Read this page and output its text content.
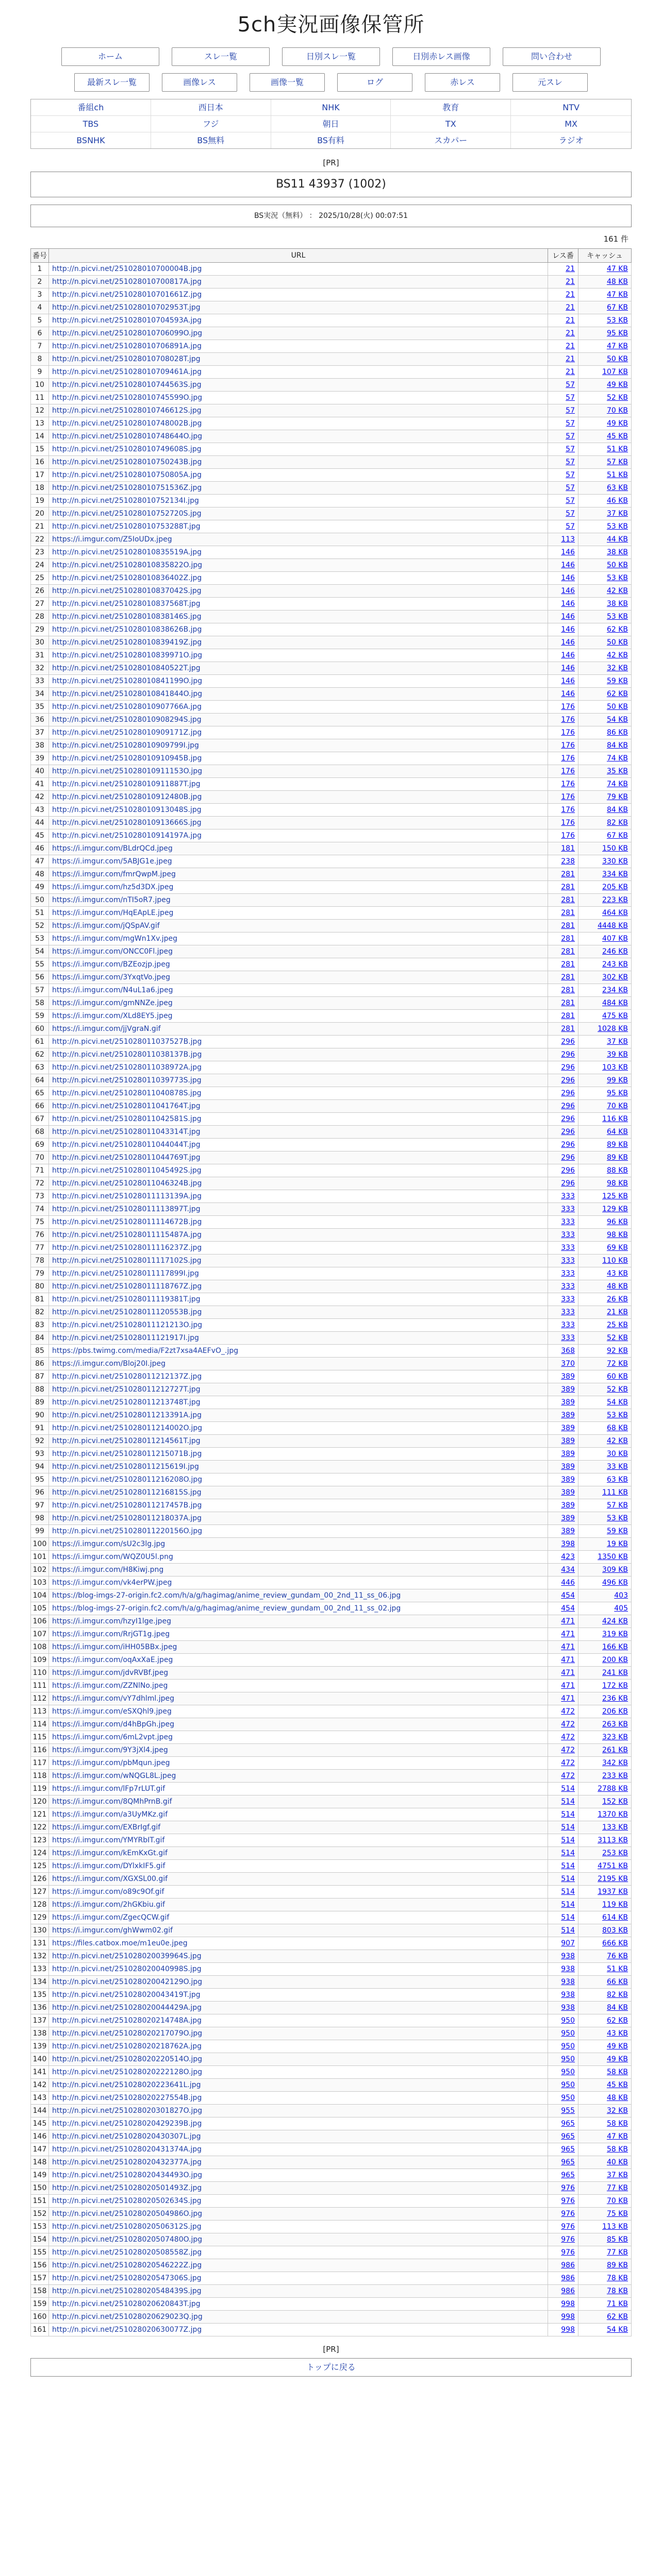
5ch実況画像保管所
ホーム	スレ一覧	日別スレ一覧	日別赤レス画像	問い合わせ
最新スレ一覧	画像レス	画像一覧	ログ	赤レス	元スレ
番組ch	西日本	NHK	教育	NTV
TBS	フジ	朝日	TX	MX
BSNHK	BS無料	BS有料	スカパー	ラジオ
[PR]
BS11 43937 (1002)
BS実況（無料） ： 2025/10/28(火) 00:07:51
161 件
番号	URL	レス番	キャッシュ
1	http://n.picvi.net/251028010700004B.jpg	21	47 KB
2	http://n.picvi.net/251028010700817A.jpg	21	48 KB
3	http://n.picvi.net/251028010701661Z.jpg	21	47 KB
4	http://n.picvi.net/251028010702953T.jpg	21	67 KB
5	http://n.picvi.net/251028010704593A.jpg	21	53 KB
6	http://n.picvi.net/251028010706099O.jpg	21	95 KB
7	http://n.picvi.net/251028010706891A.jpg	21	47 KB
8	http://n.picvi.net/251028010708028T.jpg	21	50 KB
9	http://n.picvi.net/251028010709461A.jpg	21	107 KB
10	http://n.picvi.net/251028010744563S.jpg	57	49 KB
11	http://n.picvi.net/251028010745599O.jpg	57	52 KB
12	http://n.picvi.net/251028010746612S.jpg	57	70 KB
13	http://n.picvi.net/251028010748002B.jpg	57	49 KB
14	http://n.picvi.net/251028010748644O.jpg	57	45 KB
15	http://n.picvi.net/251028010749608S.jpg	57	51 KB
16	http://n.picvi.net/251028010750243B.jpg	57	57 KB
17	http://n.picvi.net/251028010750805A.jpg	57	51 KB
18	http://n.picvi.net/251028010751536Z.jpg	57	63 KB
19	http://n.picvi.net/251028010752134I.jpg	57	46 KB
20	http://n.picvi.net/251028010752720S.jpg	57	37 KB
21	http://n.picvi.net/251028010753288T.jpg	57	53 KB
22	https://i.imgur.com/Z5IoUDx.jpeg	113	44 KB
23	http://n.picvi.net/251028010835519A.jpg	146	38 KB
24	http://n.picvi.net/251028010835822O.jpg	146	50 KB
25	http://n.picvi.net/251028010836402Z.jpg	146	53 KB
26	http://n.picvi.net/251028010837042S.jpg	146	42 KB
27	http://n.picvi.net/251028010837568T.jpg	146	38 KB
28	http://n.picvi.net/251028010838146S.jpg	146	53 KB
29	http://n.picvi.net/251028010838626B.jpg	146	62 KB
30	http://n.picvi.net/251028010839419Z.jpg	146	50 KB
31	http://n.picvi.net/251028010839971O.jpg	146	42 KB
32	http://n.picvi.net/251028010840522T.jpg	146	32 KB
33	http://n.picvi.net/251028010841199O.jpg	146	59 KB
34	http://n.picvi.net/251028010841844O.jpg	146	62 KB
35	http://n.picvi.net/251028010907766A.jpg	176	50 KB
36	http://n.picvi.net/251028010908294S.jpg	176	54 KB
37	http://n.picvi.net/251028010909171Z.jpg	176	86 KB
38	http://n.picvi.net/251028010909799I.jpg	176	84 KB
39	http://n.picvi.net/251028010910945B.jpg	176	74 KB
40	http://n.picvi.net/251028010911153O.jpg	176	35 KB
41	http://n.picvi.net/251028010911887T.jpg	176	74 KB
42	http://n.picvi.net/251028010912480B.jpg	176	79 KB
43	http://n.picvi.net/251028010913048S.jpg	176	84 KB
44	http://n.picvi.net/251028010913666S.jpg	176	82 KB
45	http://n.picvi.net/251028010914197A.jpg	176	67 KB
46	https://i.imgur.com/BLdrQCd.jpeg	181	150 KB
47	https://i.imgur.com/5ABJG1e.jpeg	238	330 KB
48	https://i.imgur.com/fmrQwpM.jpeg	281	334 KB
49	https://i.imgur.com/hz5d3DX.jpeg	281	205 KB
50	https://i.imgur.com/nTI5oR7.jpeg	281	223 KB
51	https://i.imgur.com/HqEApLE.jpeg	281	464 KB
52	https://i.imgur.com/jQSpAV.gif	281	4448 KB
53	https://i.imgur.com/mgWn1Xv.jpeg	281	407 KB
54	https://i.imgur.com/ONCC0Fl.jpeg	281	246 KB
55	https://i.imgur.com/BZEozjp.jpeg	281	243 KB
56	https://i.imgur.com/3YxqtVo.jpeg	281	302 KB
57	https://i.imgur.com/N4uL1a6.jpeg	281	234 KB
58	https://i.imgur.com/gmNNZe.jpeg	281	484 KB
59	https://i.imgur.com/XLd8EY5.jpeg	281	475 KB
60	https://i.imgur.com/jjVgraN.gif	281	1028 KB
61	http://n.picvi.net/251028011037527B.jpg	296	37 KB
62	http://n.picvi.net/251028011038137B.jpg	296	39 KB
63	http://n.picvi.net/251028011038972A.jpg	296	103 KB
64	http://n.picvi.net/251028011039773S.jpg	296	99 KB
65	http://n.picvi.net/251028011040878S.jpg	296	95 KB
66	http://n.picvi.net/251028011041764T.jpg	296	70 KB
67	http://n.picvi.net/251028011042581S.jpg	296	116 KB
68	http://n.picvi.net/251028011043314T.jpg	296	64 KB
69	http://n.picvi.net/251028011044044T.jpg	296	89 KB
70	http://n.picvi.net/251028011044769T.jpg	296	89 KB
71	http://n.picvi.net/251028011045492S.jpg	296	88 KB
72	http://n.picvi.net/251028011046324B.jpg	296	98 KB
73	http://n.picvi.net/251028011113139A.jpg	333	125 KB
74	http://n.picvi.net/251028011113897T.jpg	333	129 KB
75	http://n.picvi.net/251028011114672B.jpg	333	96 KB
76	http://n.picvi.net/251028011115487A.jpg	333	98 KB
77	http://n.picvi.net/251028011116237Z.jpg	333	69 KB
78	http://n.picvi.net/251028011117102S.jpg	333	110 KB
79	http://n.picvi.net/251028011117899I.jpg	333	43 KB
80	http://n.picvi.net/251028011118767Z.jpg	333	48 KB
81	http://n.picvi.net/251028011119381T.jpg	333	26 KB
82	http://n.picvi.net/251028011120553B.jpg	333	21 KB
83	http://n.picvi.net/251028011121213O.jpg	333	25 KB
84	http://n.picvi.net/251028011121917I.jpg	333	52 KB
85	https://pbs.twimg.com/media/F2zt7xsa4AEFvO_.jpg	368	92 KB
86	https://i.imgur.com/Bloj20I.jpeg	370	72 KB
87	http://n.picvi.net/251028011212137Z.jpg	389	60 KB
88	http://n.picvi.net/251028011212727T.jpg	389	52 KB
89	http://n.picvi.net/251028011213748T.jpg	389	54 KB
90	http://n.picvi.net/251028011213391A.jpg	389	53 KB
91	http://n.picvi.net/251028011214002O.jpg	389	68 KB
92	http://n.picvi.net/251028011214561T.jpg	389	42 KB
93	http://n.picvi.net/251028011215071B.jpg	389	30 KB
94	http://n.picvi.net/251028011215619I.jpg	389	33 KB
95	http://n.picvi.net/251028011216208O.jpg	389	63 KB
96	http://n.picvi.net/251028011216815S.jpg	389	111 KB
97	http://n.picvi.net/251028011217457B.jpg	389	57 KB
98	http://n.picvi.net/251028011218037A.jpg	389	53 KB
99	http://n.picvi.net/251028011220156O.jpg	389	59 KB
100	https://i.imgur.com/sU2c3lg.jpg	398	19 KB
101	https://i.imgur.com/WQZ0U5l.png	423	1350 KB
102	https://i.imgur.com/H8Kiwj.png	434	309 KB
103	https://i.imgur.com/vk4erPW.jpeg	446	496 KB
104	https://blog-imgs-27-origin.fc2.com/h/a/g/hagimag/anime_review_gundam_00_2nd_11_ss_06.jpg	454	403
105	https://blog-imgs-27-origin.fc2.com/h/a/g/hagimag/anime_review_gundam_00_2nd_11_ss_02.jpg	454	405
106	https://i.imgur.com/hzyI1lge.jpeg	471	424 KB
107	https://i.imgur.com/RrjGT1g.jpeg	471	319 KB
108	https://i.imgur.com/iHH05BBx.jpeg	471	166 KB
109	https://i.imgur.com/oqAxXaE.jpeg	471	200 KB
110	https://i.imgur.com/jdvRVBf.jpeg	471	241 KB
111	https://i.imgur.com/ZZNlNo.jpeg	471	172 KB
112	https://i.imgur.com/vY7dhlml.jpeg	471	236 KB
113	https://i.imgur.com/eSXQhl9.jpeg	472	206 KB
114	https://i.imgur.com/d4hBpGh.jpeg	472	263 KB
115	https://i.imgur.com/6mL2vpt.jpeg	472	323 KB
116	https://i.imgur.com/9Y3jXl4.jpeg	472	261 KB
117	https://i.imgur.com/pbMqun.jpeg	472	342 KB
118	https://i.imgur.com/wNQGL8L.jpeg	472	233 KB
119	https://i.imgur.com/lFp7rLUT.gif	514	2788 KB
120	https://i.imgur.com/8QMhPrnB.gif	514	152 KB
121	https://i.imgur.com/a3UyMKz.gif	514	1370 KB
122	https://i.imgur.com/EXBrIgf.gif	514	133 KB
123	https://i.imgur.com/YMYRbIT.gif	514	3113 KB
124	https://i.imgur.com/kEmKxGt.gif	514	253 KB
125	https://i.imgur.com/DYlxkIF5.gif	514	4751 KB
126	https://i.imgur.com/XGXSL00.gif	514	2195 KB
127	https://i.imgur.com/o89c9Of.gif	514	1937 KB
128	https://i.imgur.com/2hGKbiu.gif	514	119 KB
129	https://i.imgur.com/ZgecQCW.gif	514	614 KB
130	https://i.imgur.com/ghWwm02.gif	514	803 KB
131	https://files.catbox.moe/m1eu0e.jpeg	907	666 KB
132	http://n.picvi.net/251028020039964S.jpg	938	76 KB
133	http://n.picvi.net/251028020040998S.jpg	938	51 KB
134	http://n.picvi.net/251028020042129O.jpg	938	66 KB
135	http://n.picvi.net/251028020043419T.jpg	938	82 KB
136	http://n.picvi.net/251028020044429A.jpg	938	84 KB
137	http://n.picvi.net/251028020214748A.jpg	950	62 KB
138	http://n.picvi.net/251028020217079O.jpg	950	43 KB
139	http://n.picvi.net/251028020218762A.jpg	950	49 KB
140	http://n.picvi.net/251028020220514O.jpg	950	49 KB
141	http://n.picvi.net/251028020222128O.jpg	950	58 KB
142	http://n.picvi.net/251028020223641L.jpg	950	45 KB
143	http://n.picvi.net/251028020227554B.jpg	950	48 KB
144	http://n.picvi.net/251028020301827O.jpg	955	32 KB
145	http://n.picvi.net/251028020429239B.jpg	965	58 KB
146	http://n.picvi.net/251028020430307L.jpg	965	47 KB
147	http://n.picvi.net/251028020431374A.jpg	965	58 KB
148	http://n.picvi.net/251028020432377A.jpg	965	40 KB
149	http://n.picvi.net/251028020434493O.jpg	965	37 KB
150	http://n.picvi.net/251028020501493Z.jpg	976	77 KB
151	http://n.picvi.net/251028020502634S.jpg	976	70 KB
152	http://n.picvi.net/251028020504986O.jpg	976	75 KB
153	http://n.picvi.net/251028020506312S.jpg	976	113 KB
154	http://n.picvi.net/251028020507480O.jpg	976	85 KB
155	http://n.picvi.net/251028020508558Z.jpg	976	77 KB
156	http://n.picvi.net/251028020546222Z.jpg	986	89 KB
157	http://n.picvi.net/251028020547306S.jpg	986	78 KB
158	http://n.picvi.net/251028020548439S.jpg	986	78 KB
159	http://n.picvi.net/251028020620843T.jpg	998	71 KB
160	http://n.picvi.net/251028020629023Q.jpg	998	62 KB
161	http://n.picvi.net/251028020630077Z.jpg	998	54 KB
[PR]
トップに戻る
